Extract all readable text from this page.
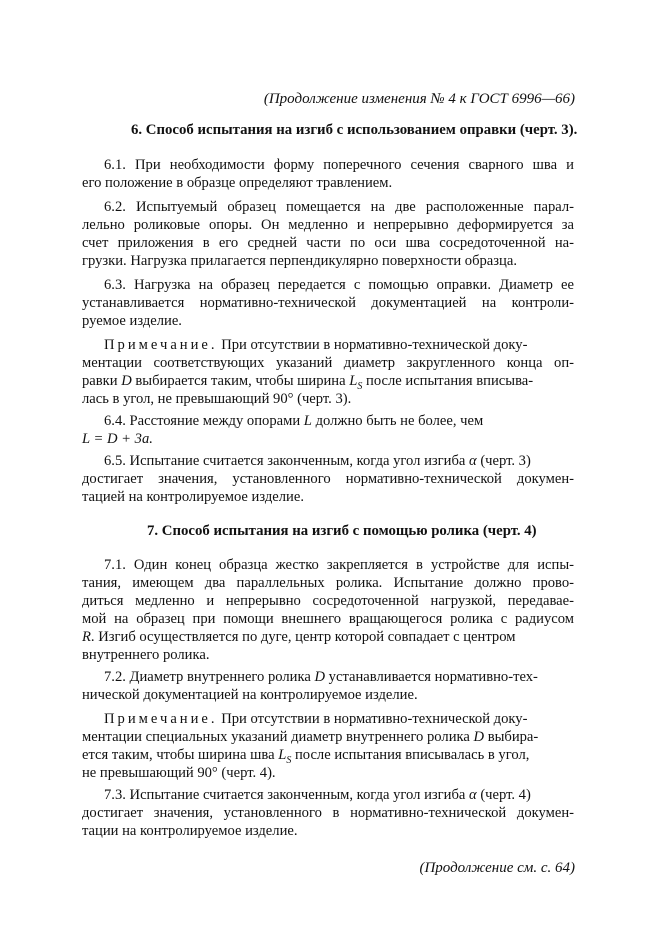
(Продолжение изменения № 4 к ГОСТ 6996—66)
6. Способ испытания на изгиб с использованием оправки (черт. 3).
6.1. При необходимости форму поперечного сечения сварного шва и
его положение в образце определяют травлением.
6.2. Испытуемый образец помещается на две расположенные парал-
лельно роликовые опоры. Он медленно и непрерывно деформируется за
счет приложения в его средней части по оси шва сосредоточенной на-
грузки. Нагрузка прилагается перпендикулярно поверхности образца.
6.3. Нагрузка на образец передается с помощью оправки. Диаметр ее
устанавливается нормативно-технической документацией на контроли-
руемое изделие.
Примечание. При отсутствии в нормативно-технической доку-
ментации соответствующих указаний диаметр закругленного конца оп-
равки D выбирается таким, чтобы ширина $L_S$ после испытания вписыва-
лась в угол, не превышающий 90° (черт. 3).
6.4. Расстояние между опорами L должно быть не более, чем
L = D + 3a.
6.5. Испытание считается законченным, когда угол изгиба α (черт. 3)
достигает значения, установленного нормативно-технической докумен-
тацией на контролируемое изделие.
7. Способ испытания на изгиб с помощью ролика (черт. 4)
7.1. Один конец образца жестко закрепляется в устройстве для испы-
тания, имеющем два параллельных ролика. Испытание должно прово-
диться медленно и непрерывно сосредоточенной нагрузкой, передавае-
мой на образец при помощи внешнего вращающегося ролика с радиусом
R. Изгиб осуществляется по дуге, центр которой совпадает с центром
внутреннего ролика.
7.2. Диаметр внутреннего ролика D устанавливается нормативно-тех-
нической документацией на контролируемое изделие.
Примечание. При отсутствии в нормативно-технической доку-
ментации специальных указаний диаметр внутреннего ролика D выбира-
ется таким, чтобы ширина шва $L_S$ после испытания вписывалась в угол,
не превышающий 90° (черт. 4).
7.3. Испытание считается законченным, когда угол изгиба α (черт. 4)
достигает значения, установленного в нормативно-технической докумен-
тации на контролируемое изделие.
(Продолжение см. с. 64)
